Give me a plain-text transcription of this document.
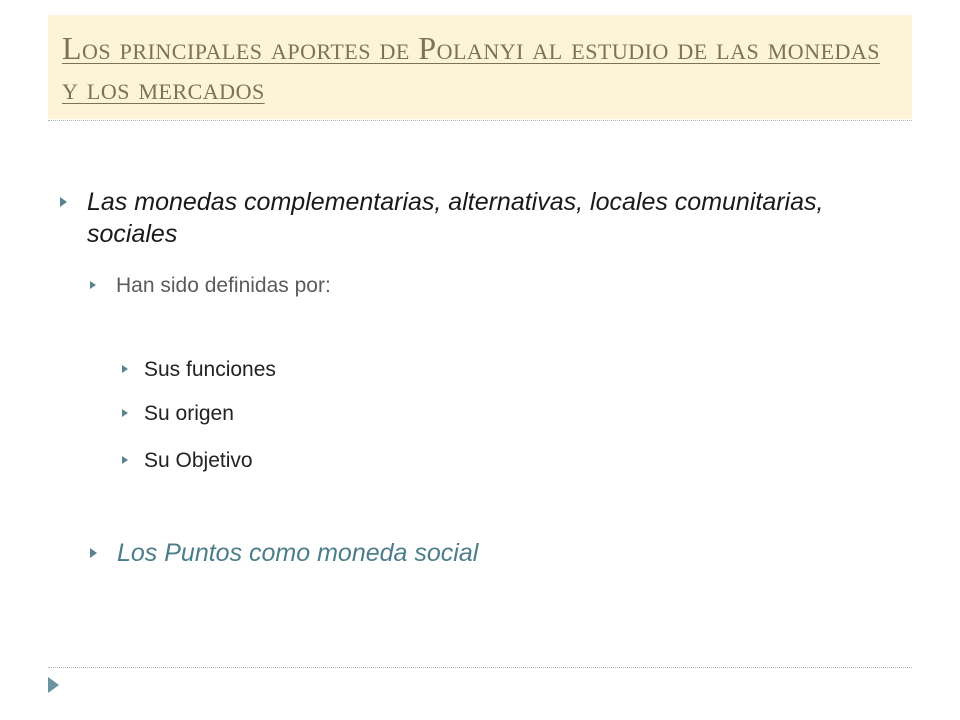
Los principales aportes de Polanyi al estudio de las monedas y los mercados
Las monedas complementarias, alternativas, locales comunitarias, sociales
Han sido definidas por:
Sus funciones
Su origen
Su Objetivo
Los Puntos como moneda social
